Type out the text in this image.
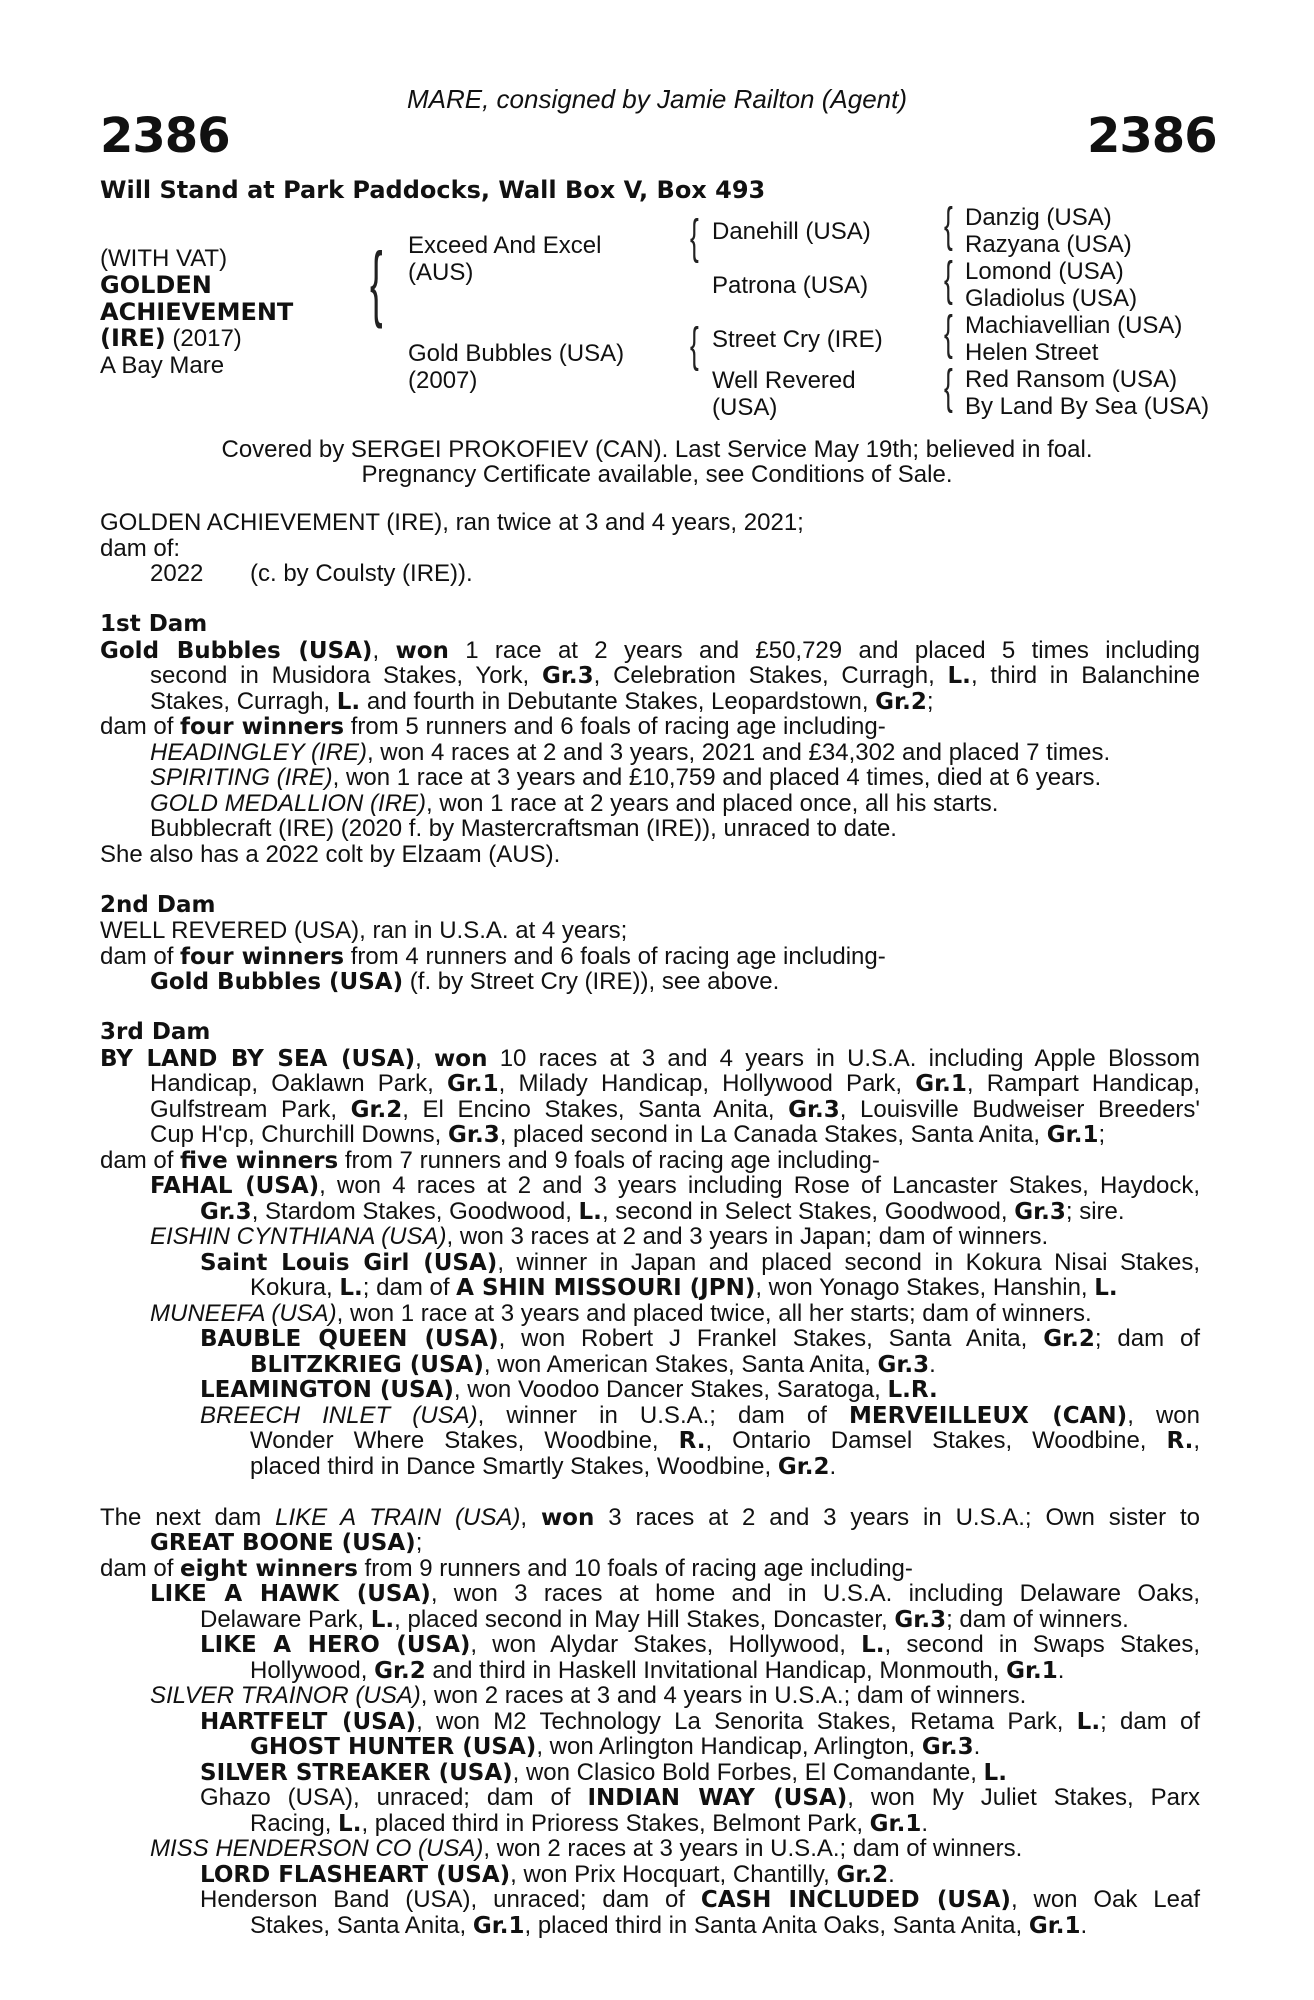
MARE, consigned by Jamie Railton (Agent)
2386	2386
Will Stand at Park Paddocks, Wall Box V, Box 493
(WITH VAT)
GOLDEN
ACHIEVEMENT
(IRE) (2017)
A Bay Mare
{ Exceed And Excel
(AUS)
Gold Bubbles (USA)
(2007)
{
{
Danehill (USA)
Patrona (USA)
Street Cry (IRE)
Well Revered
(USA)
{
{
{
{
Danzig (USA)
Razyana (USA)
Lomond (USA)
Gladiolus (USA)
Machiavellian (USA)
Helen Street
Red Ransom (USA)
By Land By Sea (USA)
Covered by SERGEI PROKOFIEV (CAN). Last Service May 19th; believed in foal.
Pregnancy Certificate available, see Conditions of Sale.
GOLDEN ACHIEVEMENT (IRE), ran twice at 3 and 4 years, 2021;
dam of:
2022 (c. by Coulsty (IRE)).
1st Dam
Gold Bubbles (USA), won 1 race at 2 years and £50,729 and placed 5 times including
second in Musidora Stakes, York, Gr.3, Celebration Stakes, Curragh, L., third in Balanchine
Stakes, Curragh, L. and fourth in Debutante Stakes, Leopardstown, Gr.2;
dam of four winners from 5 runners and 6 foals of racing age including-
HEADINGLEY (IRE), won 4 races at 2 and 3 years, 2021 and £34,302 and placed 7 times.
SPIRITING (IRE), won 1 race at 3 years and £10,759 and placed 4 times, died at 6 years.
GOLD MEDALLION (IRE), won 1 race at 2 years and placed once, all his starts.
Bubblecraft (IRE) (2020 f. by Mastercraftsman (IRE)), unraced to date.
She also has a 2022 colt by Elzaam (AUS).
2nd Dam
WELL REVERED (USA), ran in U.S.A. at 4 years;
dam of four winners from 4 runners and 6 foals of racing age including-
Gold Bubbles (USA) (f. by Street Cry (IRE)), see above.
3rd Dam
BY LAND BY SEA (USA), won 10 races at 3 and 4 years in U.S.A. including Apple Blossom
Handicap, Oaklawn Park, Gr.1, Milady Handicap, Hollywood Park, Gr.1, Rampart Handicap,
Gulfstream Park, Gr.2, El Encino Stakes, Santa Anita, Gr.3, Louisville Budweiser Breeders'
Cup H'cp, Churchill Downs, Gr.3, placed second in La Canada Stakes, Santa Anita, Gr.1;
dam of five winners from 7 runners and 9 foals of racing age including-
FAHAL (USA), won 4 races at 2 and 3 years including Rose of Lancaster Stakes, Haydock,
Gr.3, Stardom Stakes, Goodwood, L., second in Select Stakes, Goodwood, Gr.3; sire.
EISHIN CYNTHIANA (USA), won 3 races at 2 and 3 years in Japan; dam of winners.
Saint Louis Girl (USA), winner in Japan and placed second in Kokura Nisai Stakes,
Kokura, L.; dam of A SHIN MISSOURI (JPN), won Yonago Stakes, Hanshin, L.
MUNEEFA (USA), won 1 race at 3 years and placed twice, all her starts; dam of winners.
BAUBLE QUEEN (USA), won Robert J Frankel Stakes, Santa Anita, Gr.2; dam of
BLITZKRIEG (USA), won American Stakes, Santa Anita, Gr.3.
LEAMINGTON (USA), won Voodoo Dancer Stakes, Saratoga, L.R.
BREECH INLET (USA), winner in U.S.A.; dam of MERVEILLEUX (CAN), won
Wonder Where Stakes, Woodbine, R., Ontario Damsel Stakes, Woodbine, R.,
placed third in Dance Smartly Stakes, Woodbine, Gr.2.
The next dam LIKE A TRAIN (USA), won 3 races at 2 and 3 years in U.S.A.; Own sister to
GREAT BOONE (USA);
dam of eight winners from 9 runners and 10 foals of racing age including-
LIKE A HAWK (USA), won 3 races at home and in U.S.A. including Delaware Oaks,
Delaware Park, L., placed second in May Hill Stakes, Doncaster, Gr.3; dam of winners.
LIKE A HERO (USA), won Alydar Stakes, Hollywood, L., second in Swaps Stakes,
Hollywood, Gr.2 and third in Haskell Invitational Handicap, Monmouth, Gr.1.
SILVER TRAINOR (USA), won 2 races at 3 and 4 years in U.S.A.; dam of winners.
HARTFELT (USA), won M2 Technology La Senorita Stakes, Retama Park, L.; dam of
GHOST HUNTER (USA), won Arlington Handicap, Arlington, Gr.3.
SILVER STREAKER (USA), won Clasico Bold Forbes, El Comandante, L.
Ghazo (USA), unraced; dam of INDIAN WAY (USA), won My Juliet Stakes, Parx
Racing, L., placed third in Prioress Stakes, Belmont Park, Gr.1.
MISS HENDERSON CO (USA), won 2 races at 3 years in U.S.A.; dam of winners.
LORD FLASHEART (USA), won Prix Hocquart, Chantilly, Gr.2.
Henderson Band (USA), unraced; dam of CASH INCLUDED (USA), won Oak Leaf
Stakes, Santa Anita, Gr.1, placed third in Santa Anita Oaks, Santa Anita, Gr.1.
